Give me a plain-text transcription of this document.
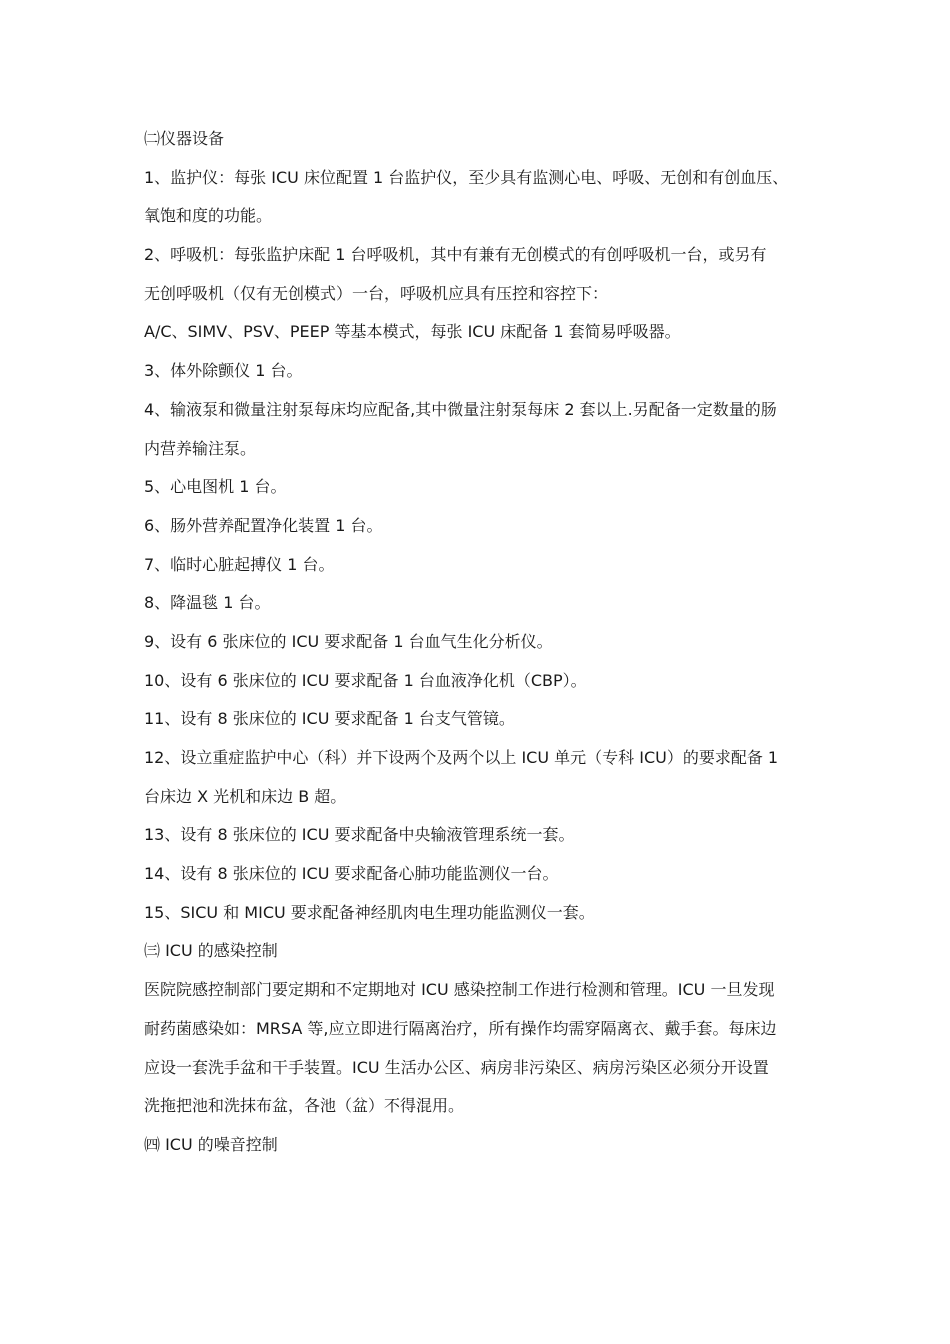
㈡仪器设备
1、监护仪：每张 ICU 床位配置 1 台监护仪，至少具有监测心电、呼吸、无创和有创血压、
氧饱和度的功能。
2、呼吸机：每张监护床配 1 台呼吸机，其中有兼有无创模式的有创呼吸机一台，或另有
无创呼吸机（仅有无创模式）一台，呼吸机应具有压控和容控下：
A/C、SIMV、PSV、PEEP 等基本模式，每张 ICU 床配备 1 套简易呼吸器。
3、体外除颤仪 1 台。
4、输液泵和微量注射泵每床均应配备,其中微量注射泵每床 2 套以上.另配备一定数量的肠
内营养输注泵。
5、心电图机 1 台。
6、肠外营养配置净化装置 1 台。
7、临时心脏起搏仪 1 台。
8、降温毯 1 台。
9、设有 6 张床位的 ICU 要求配备 1 台血气生化分析仪。
10、设有 6 张床位的 ICU 要求配备 1 台血液净化机（CBP）。
11、设有 8 张床位的 ICU 要求配备 1 台支气管镜。
12、设立重症监护中心（科）并下设两个及两个以上 ICU 单元（专科 ICU）的要求配备 1
台床边 X 光机和床边 B 超。
13、设有 8 张床位的 ICU 要求配备中央输液管理系统一套。
14、设有 8 张床位的 ICU 要求配备心肺功能监测仪一台。
15、SICU 和 MICU 要求配备神经肌肉电生理功能监测仪一套。
㈢ ICU 的感染控制
医院院感控制部门要定期和不定期地对 ICU 感染控制工作进行检测和管理。ICU 一旦发现
耐药菌感染如：MRSA 等,应立即进行隔离治疗，所有操作均需穿隔离衣、戴手套。每床边
应设一套洗手盆和干手装置。ICU 生活办公区、病房非污染区、病房污染区必须分开设置
洗拖把池和洗抹布盆，各池（盆）不得混用。
㈣ ICU 的噪音控制
